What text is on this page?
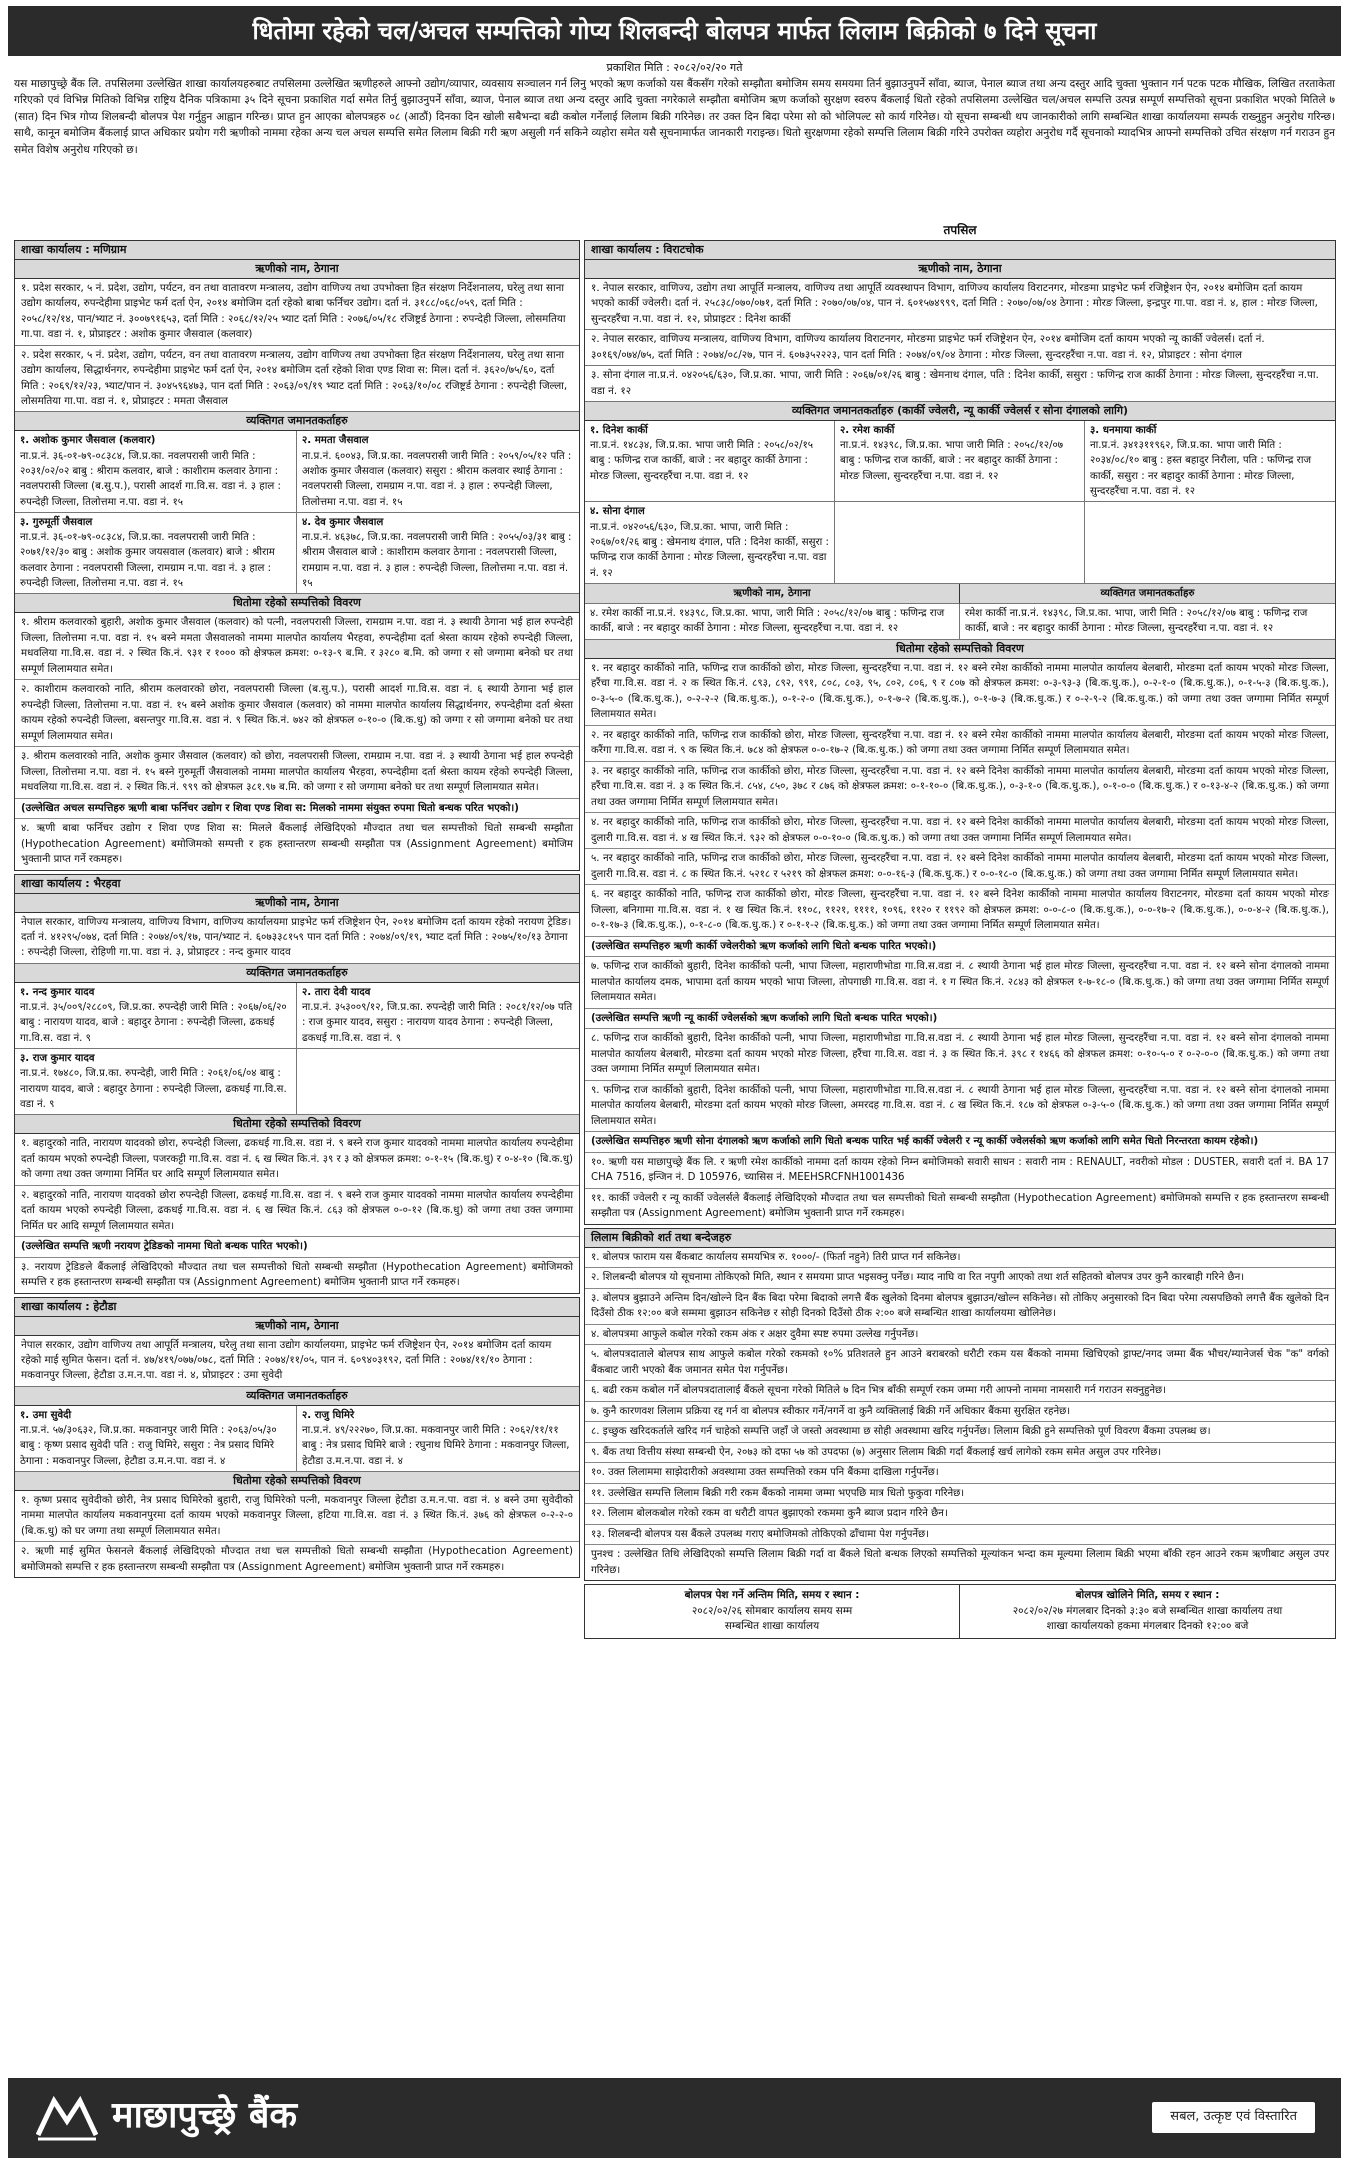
धितोमा रहेको चल/अचल सम्पत्तिको गोप्य शिलबन्दी बोलपत्र मार्फत लिलाम बिक्रीको ७ दिने सूचना
प्रकाशित मिति : २०८२/०२/२० गते
यस माछापुच्छ्रे बैंक लि. तपसिलमा उल्लेखित शाखा कार्यालयहरुबाट तपसिलमा उल्लेखित ऋणीहरुले आफ्नो उद्योग/व्यापार, व्यवसाय सञ्चालन गर्न लिनु भएको ऋण कर्जाको यस बैंकसँग गरेको सम्झौता बमोजिम समय समयमा तिर्न बुझाउनुपर्ने साँवा, ब्याज, पेनाल ब्याज तथा अन्य दस्तुर आदि चुक्ता भुक्तान गर्न पटक पटक मौखिक, लिखित तरताकेता गरिएको एवं विभिन्न मितिको विभिन्न राष्ट्रिय दैनिक पत्रिकामा ३५ दिने सूचना प्रकाशित गर्दा समेत तिर्नु बुझाउनुपर्ने साँवा, ब्याज, पेनाल ब्याज तथा अन्य दस्तुर आदि चुक्ता नगरेकाले सम्झौता बमोजिम ऋण कर्जाको सुरक्षण स्वरुप बैंकलाई धितो रहेको तपसिलमा उल्लेखित चल/अचल सम्पत्ति उत्पन्न सम्पूर्ण सम्पत्तिको सूचना प्रकाशित भएको मितिले ७ (सात) दिन भित्र गोप्य शिलबन्दी बोलपत्र पेश गर्नुहुन आह्वान गरिन्छ। प्राप्त हुन आएका बोलपत्रहरु ०८ (आठौं) दिनका दिन खोली सबैभन्दा बढी कबोल गर्नेलाई लिलाम बिक्री गरिनेछ। तर उक्त दिन बिदा परेमा सो को भोलिपल्ट सो कार्य गरिनेछ। यो सूचना सम्बन्धी थप जानकारीको लागि सम्बन्धित शाखा कार्यालयमा सम्पर्क राख्नुहुन अनुरोध गरिन्छ। साथै, कानून बमोजिम बैंकलाई प्राप्त अधिकार प्रयोग गरी ऋणीको नाममा रहेका अन्य चल अचल सम्पत्ति समेत लिलाम बिक्री गरी ऋण असुली गर्न सकिने व्यहोरा समेत यसै सूचनामार्फत जानकारी गराइन्छ। धितो सुरक्षणमा रहेको सम्पत्ति लिलाम बिक्री गरिने उपरोक्त व्यहोरा अनुरोध गर्दै सूचनाको म्यादभित्र आफ्नो सम्पत्तिको उचित संरक्षण गर्न गराउन हुन समेत विशेष अनुरोध गरिएको छ।
तपसिल
शाखा कार्यालय : मणिग्राम
ऋणीको नाम, ठेगाना
१. प्रदेश सरकार, ५ नं. प्रदेश, उद्योग, पर्यटन, वन तथा वातावरण मन्त्रालय, उद्योग वाणिज्य तथा उपभोक्ता हित संरक्षण निर्देशनालय, घरेलु तथा साना उद्योग कार्यालय, रुपन्देहीमा प्राइभेट फर्म दर्ता ऐन, २०१४ बमोजिम दर्ता रहेको बाबा फर्निचर उद्योग। दर्ता नं. ३१८८/०६८/०५९, दर्ता मिति : २०५८/१२/१४, पान/भ्याट नं. ३००७९१६५३, दर्ता मिति : २०६८/१२/२५ भ्याट दर्ता मिति : २०७६/०५/१८ रजिष्ट्रर्ड ठेगाना : रुपन्देही जिल्ला, लोसमतिया गा.पा. वडा नं. १, प्रोप्राइटर : अशोक कुमार जैसवाल (कलवार)
२. प्रदेश सरकार, ५ नं. प्रदेश, उद्योग, पर्यटन, वन तथा वातावरण मन्त्रालय, उद्योग वाणिज्य तथा उपभोक्ता हित संरक्षण निर्देशनालय, घरेलु तथा साना उद्योग कार्यालय, सिद्धार्थनगर, रुपन्देहीमा प्राइभेट फर्म दर्ता ऐन, २०१४ बमोजिम दर्ता रहेको शिवा एण्ड शिवा स: मिल। दर्ता नं. ३६२०/७५/६०, दर्ता मिति : २०६९/१२/२३, भ्याट/पान नं. ३०४५९६४७३, पान दर्ता मिति : २०६३/०९/१९ भ्याट दर्ता मिति : २०६३/१०/०८ रजिष्ट्रर्ड ठेगाना : रुपन्देही जिल्ला, लोसमतिया गा.पा. वडा नं. १, प्रोप्राइटर : ममता जैसवाल
व्यक्तिगत जमानतकर्ताहरु
१. अशोक कुमार जैसवाल (कलवार)
ना.प्र.नं. ३६-०१-७९-०८३८४, जि.प्र.का. नवलपरासी जारी मिति : २०३१/०२/०२ बाबु : श्रीराम कलवार, बाजे : काशीराम कलवार ठेगाना : नवलपरासी जिल्ला (ब.सु.प.), परासी आदर्श गा.वि.स. वडा नं. ३ हाल : रुपन्देही जिल्ला, तिलोत्तमा न.पा. वडा नं. १५
२. ममता जैसवाल
ना.प्र.नं. ६००४३, जि.प्र.का. नवलपरासी जारी मिति : २०५९/०५/१२ पति : अशोक कुमार जैसवाल (कलवार) ससुरा : श्रीराम कलवार स्थाई ठेगाना : नवलपरासी जिल्ला, रामग्राम न.पा. वडा नं. ३ हाल : रुपन्देही जिल्ला, तिलोत्तमा न.पा. वडा नं. १५
३. गुरुमूर्ती जैसवाल
ना.प्र.नं. ३६-०१-७९-०८३८४, जि.प्र.का. नवलपरासी जारी मिति : २०७१/१२/३० बाबु : अशोक कुमार जयसवाल (कलवार) बाजे : श्रीराम कलवार ठेगाना : नवलपरासी जिल्ला, रामग्राम न.पा. वडा नं. ३ हाल : रुपन्देही जिल्ला, तिलोत्तमा न.पा. वडा नं. १५
४. देव कुमार जैसवाल
ना.प्र.नं. ४६३७८, जि.प्र.का. नवलपरासी जारी मिति : २०५५/०३/३१ बाबु : श्रीराम जैसवाल बाजे : काशीराम कलवार ठेगाना : नवलपरासी जिल्ला, रामग्राम न.पा. वडा नं. ३ हाल : रुपन्देही जिल्ला, तिलोत्तमा न.पा. वडा नं. १५
धितोमा रहेको सम्पत्तिको विवरण
१. श्रीराम कलवारको बुहारी, अशोक कुमार जैसवाल (कलवार) को पत्नी, नवलपरासी जिल्ला, रामग्राम न.पा. वडा नं. ३ स्थायी ठेगाना भई हाल रुपन्देही जिल्ला, तिलोत्तमा न.पा. वडा नं. १५ बस्ने ममता जैसवालको नाममा मालपोत कार्यालय भैरहवा, रुपन्देहीमा दर्ता श्रेस्ता कायम रहेको रुपन्देही जिल्ला, मधवलिया गा.वि.स. वडा नं. २ स्थित कि.नं. ९३१ र १००० को क्षेत्रफल क्रमश: ०-१३-९ ब.मि. र ३२८० ब.मि. को जग्गा र सो जग्गामा बनेको घर तथा सम्पूर्ण लिलामयात समेत।
२. काशीराम कलवारको नाति, श्रीराम कलवारको छोरा, नवलपरासी जिल्ला (ब.सु.प.), परासी आदर्श गा.वि.स. वडा नं. ६ स्थायी ठेगाना भई हाल रुपन्देही जिल्ला, तिलोत्तमा न.पा. वडा नं. १५ बस्ने अशोक कुमार जैसवाल (कलवार) को नाममा मालपोत कार्यालय सिद्धार्थनगर, रुपन्देहीमा दर्ता श्रेस्ता कायम रहेको रुपन्देही जिल्ला, बसन्तपुर गा.वि.स. वडा नं. ९ स्थित कि.नं. ७४२ को क्षेत्रफल ०-१०-० (बि.क.धु) को जग्गा र सो जग्गामा बनेको घर तथा सम्पूर्ण लिलामयात समेत।
३. श्रीराम कलवारको नाति, अशोक कुमार जैसवाल (कलवार) को छोरा, नवलपरासी जिल्ला, रामग्राम न.पा. वडा नं. ३ स्थायी ठेगाना भई हाल रुपन्देही जिल्ला, तिलोत्तमा न.पा. वडा नं. १५ बस्ने गुरुमूर्ती जैसवालको नाममा मालपोत कार्यालय भैरहवा, रुपन्देहीमा दर्ता श्रेस्ता कायम रहेको रुपन्देही जिल्ला, मधवलिया गा.वि.स. वडा नं. २ स्थित कि.नं. ९९९ को क्षेत्रफल ३८१.९७ ब.मि. को जग्गा र सो जग्गामा बनेको घर तथा सम्पूर्ण लिलामयात समेत।
(उल्लेखित अचल सम्पत्तिहरु ऋणी बाबा फर्निचर उद्योग र शिवा एण्ड शिवा स: मिलको नाममा संयुक्त रुपमा धितो बन्धक परित भएको।)
४. ऋणी बाबा फर्निचर उद्योग र शिवा एण्ड शिवा स: मिलले बैंकलाई लेखिदिएको मौज्दात तथा चल सम्पत्तीको धितो सम्बन्धी सम्झौता (Hypothecation Agreement) बमोजिमको सम्पत्ती र हक हस्तान्तरण सम्बन्धी सम्झौता पत्र (Assignment Agreement) बमोजिम भुक्तानी प्राप्त गर्ने रकमहरु।
शाखा कार्यालय : भैरहवा
ऋणीको नाम, ठेगाना
नेपाल सरकार, वाणिज्य मन्त्रालय, वाणिज्य विभाग, वाणिज्य कार्यालयमा प्राइभेट फर्म रजिष्ट्रेशन ऐन, २०१४ बमोजिम दर्ता कायम रहेको नरायण ट्रेडिङ। दर्ता नं. ४१२९५/०७४, दर्ता मिति : २०७४/०९/१७, पान/भ्याट नं. ६०७३३८१५९ पान दर्ता मिति : २०७४/०९/१९, भ्याट दर्ता मिति : २०७५/१०/१३ ठेगाना : रुपन्देही जिल्ला, रोहिणी गा.पा. वडा नं. ३, प्रोप्राइटर : नन्द कुमार यादव
व्यक्तिगत जमानतकर्ताहरु
१. नन्द कुमार यादव
ना.प्र.नं. ३५/००९/२८८०९, जि.प्र.का. रुपन्देही जारी मिति : २०६७/०६/२० बाबु : नारायण यादव, बाजे : बहादुर ठेगाना : रुपन्देही जिल्ला, ढकधई गा.वि.स. वडा नं. ९
२. तारा देवी यादव
ना.प्र.नं. ३५३००९/१२, जि.प्र.का. रुपन्देही जारी मिति : २०८१/१२/०७ पति : राज कुमार यादव, ससुरा : नारायण यादव ठेगाना : रुपन्देही जिल्ला, ढकधई गा.वि.स. वडा नं. ९
३. राज कुमार यादव
ना.प्र.नं. १७४८०, जि.प्र.का. रुपन्देही, जारी मिति : २०६१/०६/०४ बाबु : नारायण यादव, बाजे : बहादुर ठेगाना : रुपन्देही जिल्ला, ढकधई गा.वि.स. वडा नं. ९
धितोमा रहेको सम्पत्तिको विवरण
१. बहादुरको नाति, नारायण यादवको छोरा, रुपन्देही जिल्ला, ढकधई गा.वि.स. वडा नं. ९ बस्ने राज कुमार यादवको नाममा मालपोत कार्यालय रुपन्देहीमा दर्ता कायम भएको रुपन्देही जिल्ला, पजरकट्टी गा.वि.स. वडा नं. ६ ख स्थित कि.नं. ३९ र ३ को क्षेत्रफल क्रमश: ०-१-१५ (बि.क.धु) र ०-४-१० (बि.क.धु) को जग्गा तथा उक्त जग्गामा निर्मित घर आदि सम्पूर्ण लिलामयात समेत।
२. बहादुरको नाति, नारायण यादवको छोरा रुपन्देही जिल्ला, ढकधई गा.वि.स. वडा नं. ९ बस्ने राज कुमार यादवको नाममा मालपोत कार्यालय रुपन्देहीमा दर्ता कायम भएको रुपन्देही जिल्ला, ढकधई गा.वि.स. वडा नं. ६ ख स्थित कि.नं. ८६३ को क्षेत्रफल ०-०-१२ (बि.क.धु) को जग्गा तथा उक्त जग्गामा निर्मित घर आदि सम्पूर्ण लिलामयात समेत।
(उल्लेखित सम्पत्ति ऋणी नरायण ट्रेडिङको नाममा धितो बन्धक पारित भएको।)
३. नरायण ट्रेडिङले बैंकलाई लेखिदिएको मौज्दात तथा चल सम्पत्तीको धितो सम्बन्धी सम्झौता (Hypothecation Agreement) बमोजिमको सम्पत्ति र हक हस्तान्तरण सम्बन्धी सम्झौता पत्र (Assignment Agreement) बमोजिम भुक्तानी प्राप्त गर्ने रकमहरु।
शाखा कार्यालय : हेटौडा
ऋणीको नाम, ठेगाना
नेपाल सरकार, उद्योग वाणिज्य तथा आपूर्ति मन्त्रालय, घरेलु तथा साना उद्योग कार्यालयमा, प्राइभेट फर्म रजिष्ट्रेशन ऐन, २०१४ बमोजिम दर्ता कायम रहेको माई सुमित फेसन। दर्ता नं. ४७/४१९/०७७/०७८, दर्ता मिति : २०७४/११/०५, पान नं. ६०९४०३१९२, दर्ता मिति : २०७४/११/१० ठेगाना : मकवानपुर जिल्ला, हेटौडा उ.म.न.पा. वडा नं. ४, प्रोप्राइटर : उमा सुवेदी
व्यक्तिगत जमानतकर्ताहरु
१. उमा सुवेदी
ना.प्र.नं. ५७/३०६३२, जि.प्र.का. मकवानपुर जारी मिति : २०६३/०५/३० बाबु : कृष्ण प्रसाद सुवेदी पति : राजु घिमिरे, ससुरा : नेत्र प्रसाद घिमिरे ठेगाना : मकवानपुर जिल्ला, हेटौडा उ.म.न.पा. वडा नं. ४
२. राजु घिमिरे
ना.प्र.नं. ४९/२२२७०, जि.प्र.का. मकवानपुर जारी मिति : २०६२/११/११ बाबु : नेत्र प्रसाद घिमिरे बाजे : रघुनाथ घिमिरे ठेगाना : मकवानपुर जिल्ला, हेटौडा उ.म.न.पा. वडा नं. ४
धितोमा रहेको सम्पत्तिको विवरण
१. कृष्ण प्रसाद सुवेदीको छोरी, नेत्र प्रसाद घिमिरेको बुहारी, राजु घिमिरेको पत्नी, मकवानपुर जिल्ला हेटौडा उ.म.न.पा. वडा नं. ४ बस्ने उमा सुवेदीको नाममा मालपोत कार्यालय मकवानपुरमा दर्ता कायम भएको मकवानपुर जिल्ला, हटिया गा.वि.स. वडा नं. ३ स्थित कि.नं. ३७६ को क्षेत्रफल ०-२-२-० (बि.क.धु) को घर जग्गा तथा सम्पूर्ण लिलामयात समेत।
२. ऋणी माई सुमित फेसनले बैंकलाई लेखिदिएको मौज्दात तथा चल सम्पत्तीको धितो सम्बन्धी सम्झौता (Hypothecation Agreement) बमोजिमको सम्पत्ति र हक हस्तान्तरण सम्बन्धी सम्झौता पत्र (Assignment Agreement) बमोजिम भुक्तानी प्राप्त गर्ने रकमहरु।
शाखा कार्यालय : विराटचोक
ऋणीको नाम, ठेगाना
१. नेपाल सरकार, वाणिज्य, उद्योग तथा आपूर्ति मन्त्रालय, वाणिज्य तथा आपूर्ति व्यवस्थापन विभाग, वाणिज्य कार्यालय विराटनगर, मोरङमा प्राइभेट फर्म रजिष्ट्रेशन ऐन, २०१४ बमोजिम दर्ता कायम भएको कार्की ज्वेलरी। दर्ता नं. २५८३८/०७०/०७१, दर्ता मिति : २०७०/०७/०४, पान नं. ६०१५७४९९९, दर्ता मिति : २०७०/०७/०४ ठेगाना : मोरङ जिल्ला, इन्द्रपुर गा.पा. वडा नं. ४, हाल : मोरङ जिल्ला, सुन्दरहरैंचा न.पा. वडा नं. १२, प्रोप्राइटर : दिनेश कार्की
२. नेपाल सरकार, वाणिज्य मन्त्रालय, वाणिज्य विभाग, वाणिज्य कार्यालय विराटनगर, मोरङमा प्राइभेट फर्म रजिष्ट्रेशन ऐन, २०१४ बमोजिम दर्ता कायम भएको न्यू कार्की ज्वेलर्स। दर्ता नं. ३०१६९/०७४/७५, दर्ता मिति : २०७४/०८/२७, पान नं. ६०७३५२२२३, पान दर्ता मिति : २०७४/०९/०४ ठेगाना : मोरङ जिल्ला, सुन्दरहरैंचा न.पा. वडा नं. १२, प्रोप्राइटर : सोना दंगाल
३. सोना दंगाल ना.प्र.नं. ०४२०५६/६३०, जि.प्र.का. भापा, जारी मिति : २०६७/०१/२६ बाबु : खेमनाथ दंगाल, पति : दिनेश कार्की, ससुरा : फणिन्द्र राज कार्की ठेगाना : मोरङ जिल्ला, सुन्दरहरैंचा न.पा. वडा नं. १२
व्यक्तिगत जमानतकर्ताहरु (कार्की ज्वेलरी, न्यू कार्की ज्वेलर्स र सोना दंगालको लागि)
१. दिनेश कार्की
ना.प्र.नं. १४८३४, जि.प्र.का. भापा जारी मिति : २०५८/०२/१५ बाबु : फणिन्द्र राज कार्की, बाजे : नर बहादुर कार्की ठेगाना : मोरङ जिल्ला, सुन्दरहरैंचा न.पा. वडा नं. १२
२. रमेश कार्की
ना.प्र.नं. १४३९८, जि.प्र.का. भापा जारी मिति : २०५८/१२/०७ बाबु : फणिन्द्र राज कार्की, बाजे : नर बहादुर कार्की ठेगाना : मोरङ जिल्ला, सुन्दरहरैंचा न.पा. वडा नं. १२
३. धनमाया कार्की
ना.प्र.नं. ३४१३११९६२, जि.प्र.का. भापा जारी मिति : २०३४/०८/१० बाबु : हस्त बहादुर निरौला, पति : फणिन्द्र राज कार्की, ससुरा : नर बहादुर कार्की ठेगाना : मोरङ जिल्ला, सुन्दरहरैंचा न.पा. वडा नं. १२
४. सोना दंगाल
ना.प्र.नं. ०४२०५६/६३०, जि.प्र.का. भापा, जारी मिति : २०६७/०१/२६ बाबु : खेमनाथ दंगाल, पति : दिनेश कार्की, ससुरा : फणिन्द्र राज कार्की ठेगाना : मोरङ जिल्ला, सुन्दरहरैंचा न.पा. वडा नं. १२
ऋणीको नाम, ठेगाना	व्यक्तिगत जमानतकर्ताहरु
४. रमेश कार्की ना.प्र.नं. १४३९८, जि.प्र.का. भापा, जारी मिति : २०५८/१२/०७ बाबु : फणिन्द्र राज कार्की, बाजे : नर बहादुर कार्की ठेगाना : मोरङ जिल्ला, सुन्दरहरैंचा न.पा. वडा नं. १२
रमेश कार्की ना.प्र.नं. १४३९८, जि.प्र.का. भापा, जारी मिति : २०५८/१२/०७ बाबु : फणिन्द्र राज कार्की, बाजे : नर बहादुर कार्की ठेगाना : मोरङ जिल्ला, सुन्दरहरैंचा न.पा. वडा नं. १२
धितोमा रहेको सम्पत्तिको विवरण
१. नर बहादुर कार्कीको नाति, फणिन्द्र राज कार्कीको छोरा, मोरङ जिल्ला, सुन्दरहरैंचा न.पा. वडा नं. १२ बस्ने रमेश कार्कीको नाममा मालपोत कार्यालय बेलबारी, मोरङमा दर्ता कायम भएको मोरङ जिल्ला, हरैंचा गा.वि.स. वडा नं. २ क स्थित कि.नं. ८९३, ८९२, ९९१, ८०८, ८०३, ९५, ८०२, ८०६, ९ र ८०७ को क्षेत्रफल क्रमश: ०-३-९३-३ (बि.क.धु.क.), ०-२-१-० (बि.क.धु.क.), ०-१-५-३ (बि.क.धु.क.), ०-३-५-० (बि.क.धु.क.), ०-२-२-२ (बि.क.धु.क.), ०-१-२-० (बि.क.धु.क.), ०-१-७-२ (बि.क.धु.क.), ०-१-७-३ (बि.क.धु.क.) र ०-२-९-२ (बि.क.धु.क.) को जग्गा तथा उक्त जग्गामा निर्मित सम्पूर्ण लिलामयात समेत।
२. नर बहादुर कार्कीको नाति, फणिन्द्र राज कार्कीको छोरा, मोरङ जिल्ला, सुन्दरहरैंचा न.पा. वडा नं. १२ बस्ने रमेश कार्कीको नाममा मालपोत कार्यालय बेलबारी, मोरङमा दर्ता कायम भएको मोरङ जिल्ला, करैंगा गा.वि.स. वडा नं. ९ क स्थित कि.नं. ७८४ को क्षेत्रफल ०-०-१७-२ (बि.क.धु.क.) को जग्गा तथा उक्त जग्गामा निर्मित सम्पूर्ण लिलामयात समेत।
३. नर बहादुर कार्कीको नाति, फणिन्द्र राज कार्कीको छोरा, मोरङ जिल्ला, सुन्दरहरैंचा न.पा. वडा नं. १२ बस्ने दिनेश कार्कीको नाममा मालपोत कार्यालय बेलबारी, मोरङमा दर्ता कायम भएको मोरङ जिल्ला, हरैंचा गा.वि.स. वडा नं. ३ क स्थित कि.नं. ८५४, ८५०, ३७८ र ८७६ को क्षेत्रफल क्रमश: ०-१-१०-० (बि.क.धु.क.), ०-३-१-० (बि.क.धु.क.), ०-१-०-० (बि.क.धु.क.) र ०-१३-४-२ (बि.क.धु.क.) को जग्गा तथा उक्त जग्गामा निर्मित सम्पूर्ण लिलामयात समेत।
४. नर बहादुर कार्कीको नाति, फणिन्द्र राज कार्कीको छोरा, मोरङ जिल्ला, सुन्दरहरैंचा न.पा. वडा नं. १२ बस्ने दिनेश कार्कीको नाममा मालपोत कार्यालय बेलबारी, मोरङमा दर्ता कायम भएको मोरङ जिल्ला, दुलारी गा.वि.स. वडा नं. ४ ख स्थित कि.नं. ९३२ को क्षेत्रफल ०-०-१०-० (बि.क.धु.क.) को जग्गा तथा उक्त जग्गामा निर्मित सम्पूर्ण लिलामयात समेत।
५. नर बहादुर कार्कीको नाति, फणिन्द्र राज कार्कीको छोरा, मोरङ जिल्ला, सुन्दरहरैंचा न.पा. वडा नं. १२ बस्ने दिनेश कार्कीको नाममा मालपोत कार्यालय बेलबारी, मोरङमा दर्ता कायम भएको मोरङ जिल्ला, दुलारी गा.वि.स. वडा नं. ८ क स्थित कि.नं. ५२१८ र ५२१९ को क्षेत्रफल क्रमश: ०-०-१६-३ (बि.क.धु.क.) र ०-०-१८-० (बि.क.धु.क.) को जग्गा तथा उक्त जग्गामा निर्मित सम्पूर्ण लिलामयात समेत।
६. नर बहादुर कार्कीको नाति, फणिन्द्र राज कार्कीको छोरा, मोरङ जिल्ला, सुन्दरहरैंचा न.पा. वडा नं. १२ बस्ने दिनेश कार्कीको नाममा मालपोत कार्यालय विराटनगर, मोरङमा दर्ता कायम भएको मोरङ जिल्ला, बनिगामा गा.वि.स. वडा नं. १ ख स्थित कि.नं. ११०८, ११२१, ११११, १०९६, ११२० र ११९२ को क्षेत्रफल क्रमश: ०-०-८-० (बि.क.धु.क.), ०-०-१७-२ (बि.क.धु.क.), ०-०-४-२ (बि.क.धु.क.), ०-१-१७-३ (बि.क.धु.क.), ०-१-८-० (बि.क.धु.क.) र ०-१-१-२ (बि.क.धु.क.) को जग्गा तथा उक्त जग्गामा निर्मित सम्पूर्ण लिलामयात समेत।
(उल्लेखित सम्पत्तिहरु ऋणी कार्की ज्वेलरीको ऋण कर्जाको लागि धितो बन्धक पारित भएको।)
७. फणिन्द्र राज कार्कीको बुहारी, दिनेश कार्कीको पत्नी, भापा जिल्ला, महाराणीभोडा गा.वि.स.वडा नं. ८ स्थायी ठेगाना भई हाल मोरङ जिल्ला, सुन्दरहरैंचा न.पा. वडा नं. १२ बस्ने सोना दंगालको नाममा मालपोत कार्यालय दमक, भापामा दर्ता कायम भएको भापा जिल्ला, तोपगाछी गा.वि.स. वडा नं. १ ग स्थित कि.नं. २८४३ को क्षेत्रफल १-७-१८-० (बि.क.धु.क.) को जग्गा तथा उक्त जग्गामा निर्मित सम्पूर्ण लिलामयात समेत।
(उल्लेखित सम्पत्ति ऋणी न्यू कार्की ज्वेलर्सको ऋण कर्जाको लागि धितो बन्धक पारित भएको।)
८. फणिन्द्र राज कार्कीको बुहारी, दिनेश कार्कीको पत्नी, भापा जिल्ला, महाराणीभोडा गा.वि.स.वडा नं. ८ स्थायी ठेगाना भई हाल मोरङ जिल्ला, सुन्दरहरैंचा न.पा. वडा नं. १२ बस्ने सोना दंगालको नाममा मालपोत कार्यालय बेलबारी, मोरङमा दर्ता कायम भएको मोरङ जिल्ला, हरैंचा गा.वि.स. वडा नं. ३ क स्थित कि.नं. ३९८ र १४६६ को क्षेत्रफल क्रमश: ०-१०-५-० र ०-२-०-० (बि.क.धु.क.) को जग्गा तथा उक्त जग्गामा निर्मित सम्पूर्ण लिलामयात समेत।
९. फणिन्द्र राज कार्कीको बुहारी, दिनेश कार्कीको पत्नी, भापा जिल्ला, महाराणीभोडा गा.वि.स.वडा नं. ८ स्थायी ठेगाना भई हाल मोरङ जिल्ला, सुन्दरहरैंचा न.पा. वडा नं. १२ बस्ने सोना दंगालको नाममा मालपोत कार्यालय बेलबारी, मोरङमा दर्ता कायम भएको मोरङ जिल्ला, अमरदह गा.वि.स. वडा नं. ८ ख स्थित कि.नं. १८७ को क्षेत्रफल ०-३-५-० (बि.क.धु.क.) को जग्गा तथा उक्त जग्गामा निर्मित सम्पूर्ण लिलामयात समेत।
(उल्लेखित सम्पत्तिहरु ऋणी सोना दंगालको ऋण कर्जाको लागि धितो बन्धक पारित भई कार्की ज्वेलरी र न्यू कार्की ज्वेलर्सको ऋण कर्जाको लागि समेत धितो निरन्तरता कायम रहेको।)
१०. ऋणी यस माछापुच्छ्रे बैंक लि. र ऋणी रमेश कार्कीको नाममा दर्ता कायम रहेको निम्न बमोजिमको सवारी साधन : सवारी नाम : RENAULT, नवरीको मोडल : DUSTER, सवारी दर्ता नं. BA 17 CHA 7516, इन्जिन नं. D 105976, च्यासिस नं. MEEHSRCFNH1001436
११. कार्की ज्वेलरी र न्यू कार्की ज्वेलर्सले बैंकलाई लेखिदिएको मौज्दात तथा चल सम्पत्तीको धितो सम्बन्धी सम्झौता (Hypothecation Agreement) बमोजिमको सम्पत्ति र हक हस्तान्तरण सम्बन्धी सम्झौता पत्र (Assignment Agreement) बमोजिम भुक्तानी प्राप्त गर्ने रकमहरु।
लिलाम बिक्रीको शर्त तथा बन्देजहरु
१. बोलपत्र फाराम यस बैंकबाट कार्यालय समयभित्र रु. १०००/- (फिर्ता नहुने) तिरी प्राप्त गर्न सकिनेछ।
२. शिलबन्दी बोलपत्र यो सूचनामा तोकिएको मिति, स्थान र समयमा प्राप्त भइसक्नु पर्नेछ। म्याद नाघि वा रित नपुगी आएको तथा शर्त सहितको बोलपत्र उपर कुनै कारबाही गरिने छैन।
३. बोलपत्र बुझाउने अन्तिम दिन/खोल्ने दिन बैंक बिदा परेमा बिदाको लगत्तै बैंक खुलेको दिनमा बोलपत्र बुझाउन/खोल्न सकिनेछ। सो तोकिए अनुसारको दिन बिदा परेमा त्यसपछिको लगत्तै बैंक खुलेको दिन दिउँसो ठीक १२:०० बजे सम्ममा बुझाउन सकिनेछ र सोही दिनको दिउँसो ठीक २:०० बजे सम्बन्धित शाखा कार्यालयमा खोलिनेछ।
४. बोलपत्रमा आफुले कबोल गरेको रकम अंक र अक्षर दुवैमा स्पष्ट रुपमा उल्लेख गर्नुपर्नेछ।
५. बोलपत्रदाताले बोलपत्र साथ आफुले कबोल गरेको रकमको १०% प्रतिशतले हुन आउने बराबरको धरौटी रकम यस बैंकको नाममा खिचिएको ड्राफ्ट/नगद जम्मा बैंक भौचर/म्यानेजर्स चेक "क" वर्गको बैंकबाट जारी भएको बैंक जमानत समेत पेश गर्नुपर्नेछ।
६. बढी रकम कबोल गर्ने बोलपत्रदातालाई बैंकले सूचना गरेको मितिले ७ दिन भित्र बाँकी सम्पूर्ण रकम जम्मा गरी आफ्नो नाममा नामसारी गर्न गराउन सक्नुहुनेछ।
७. कुनै कारणवश लिलाम प्रक्रिया रद्द गर्न वा बोलपत्र स्वीकार गर्ने/नगर्ने वा कुनै व्यक्तिलाई बिक्री गर्ने अधिकार बैंकमा सुरक्षित रहनेछ।
८. इच्छुक खरिदकर्ताले खरिद गर्न चाहेको सम्पत्ति जहाँ जे जस्तो अवस्थामा छ सोही अवस्थामा खरिद गर्नुपर्नेछ। लिलाम बिक्री हुने सम्पत्तिको पूर्ण विवरण बैंकमा उपलब्ध छ।
९. बैंक तथा वित्तीय संस्था सम्बन्धी ऐन, २०७३ को दफा ५७ को उपदफा (७) अनुसार लिलाम बिक्री गर्दा बैंकलाई खर्च लागेको रकम समेत असुल उपर गरिनेछ।
१०. उक्त लिलाममा साझेदारीको अवस्थामा उक्त सम्पत्तिको रकम पनि बैंकमा दाखिला गर्नुपर्नेछ।
११. उल्लेखित सम्पत्ति लिलाम बिक्री गरी रकम बैंकको नाममा जम्मा भएपछि मात्र धितो फुकुवा गरिनेछ।
१२. लिलाम बोलकबोल गरेको रकम वा धरौटी वापत बुझाएको रकममा कुनै ब्याज प्रदान गरिने छैन।
१३. शिलबन्दी बोलपत्र यस बैंकले उपलब्ध गराए बमोजिमको तोकिएको ढाँचामा पेश गर्नुपर्नेछ।
पुनश्च : उल्लेखित तिथि लेखिदिएको सम्पत्ति लिलाम बिक्री गर्दा वा बैंकले धितो बन्धक लिएको सम्पत्तिको मूल्यांकन भन्दा कम मूल्यमा लिलाम बिक्री भएमा बाँकी रहन आउने रकम ऋणीबाट असुल उपर गरिनेछ।
बोलपत्र पेश गर्ने अन्तिम मिति, समय र स्थान :
२०८२/०२/२६ सोमबार कार्यालय समय सम्म
सम्बन्धित शाखा कार्यालय
बोलपत्र खोलिने मिति, समय र स्थान :
२०८२/०२/२७ मंगलबार दिनको ३:३० बजे सम्बन्धित शाखा कार्यालय तथा
शाखा कार्यालयको हकमा मंगलबार दिनको १२:०० बजे
माछापुच्छ्रे बैंक	सबल, उत्कृष्ट एवं विस्तारित
